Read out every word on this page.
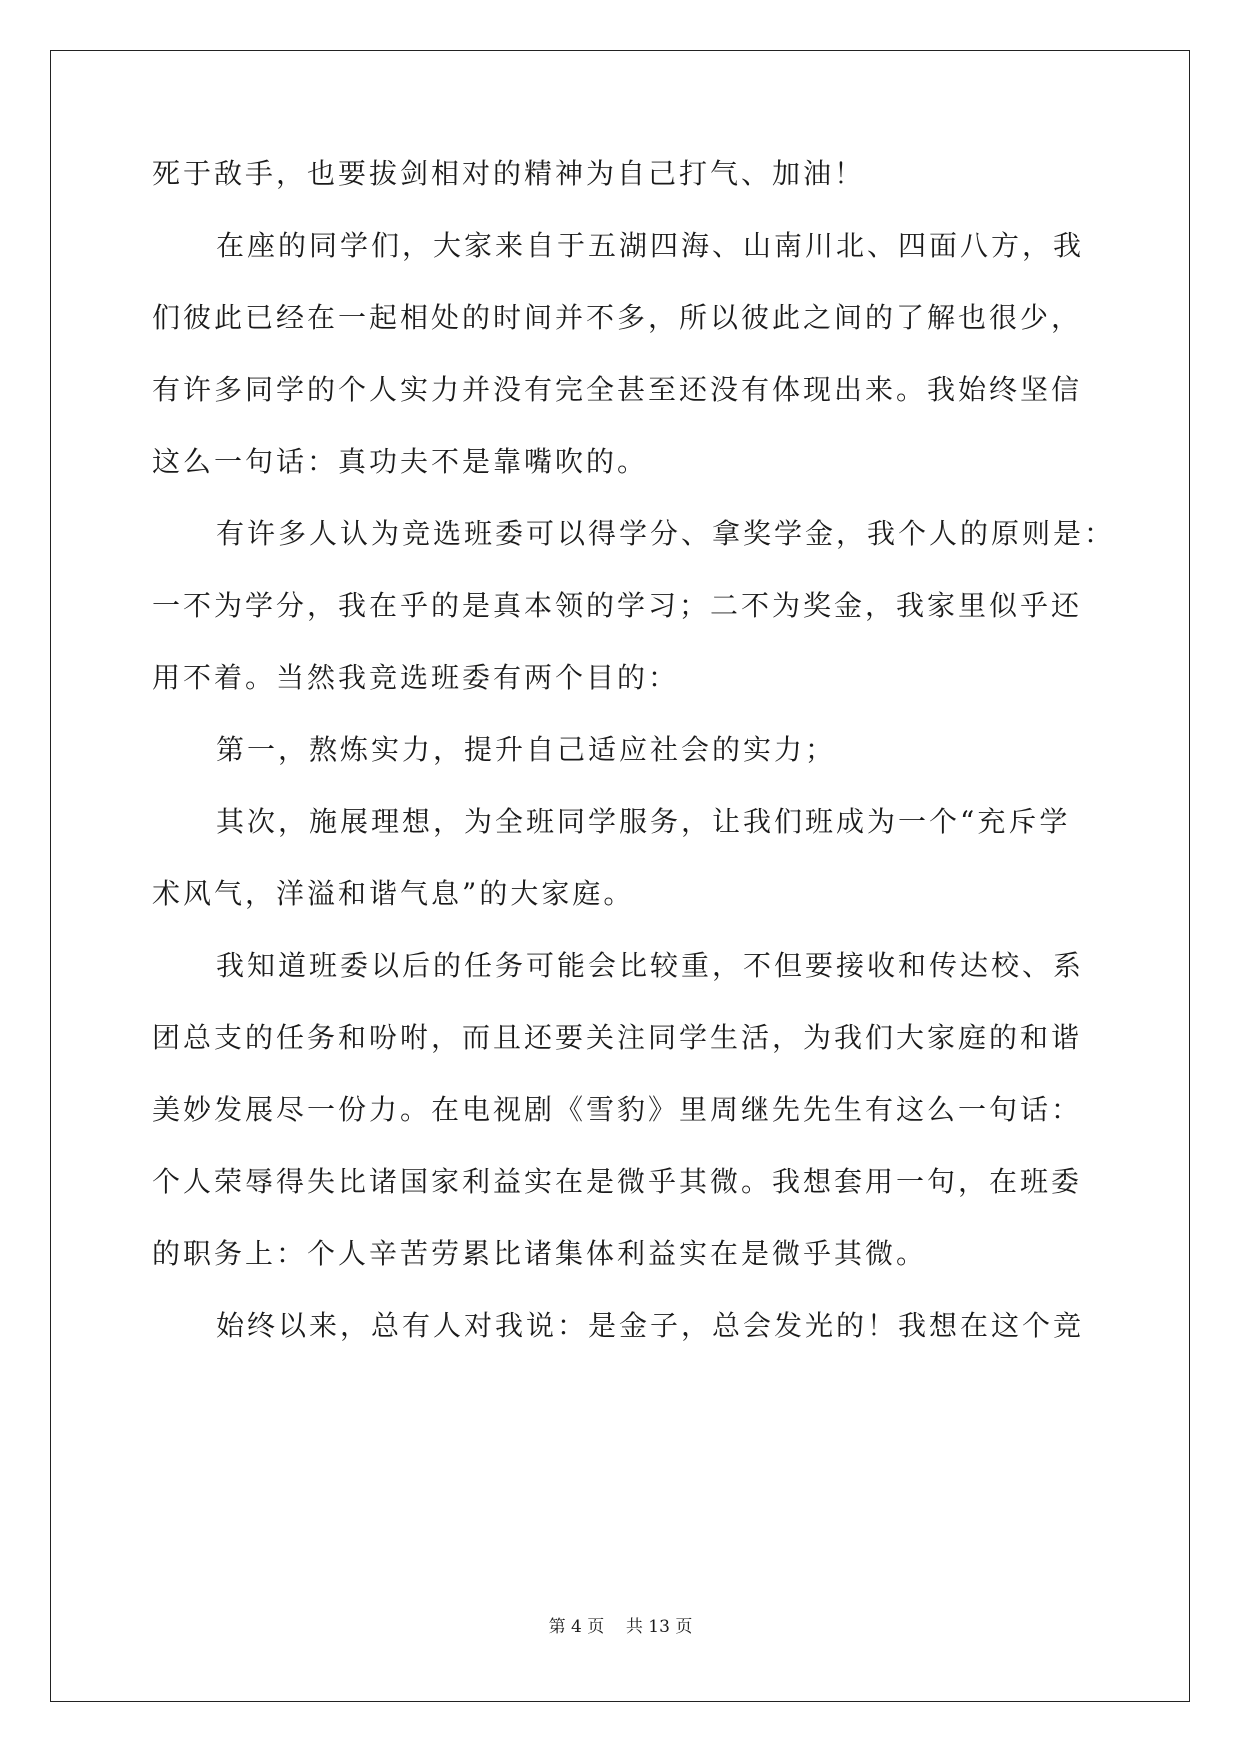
死于敌手，也要拔剑相对的精神为自己打气、加油！
在座的同学们，大家来自于五湖四海、山南川北、四面八方，我
们彼此已经在一起相处的时间并不多，所以彼此之间的了解也很少，
有许多同学的个人实力并没有完全甚至还没有体现出来。我始终坚信
这么一句话：真功夫不是靠嘴吹的。
有许多人认为竞选班委可以得学分、拿奖学金，我个人的原则是：
一不为学分，我在乎的是真本领的学习；二不为奖金，我家里似乎还
用不着。当然我竞选班委有两个目的：
第一，熬炼实力，提升自己适应社会的实力；
其次，施展理想，为全班同学服务，让我们班成为一个“充斥学
术风气，洋溢和谐气息”的大家庭。
我知道班委以后的任务可能会比较重，不但要接收和传达校、系
团总支的任务和吩咐，而且还要关注同学生活，为我们大家庭的和谐
美妙发展尽一份力。在电视剧《雪豹》里周继先先生有这么一句话：
个人荣辱得失比诸国家利益实在是微乎其微。我想套用一句，在班委
的职务上：个人辛苦劳累比诸集体利益实在是微乎其微。
始终以来，总有人对我说：是金子，总会发光的！我想在这个竞
第 4 页    共 13 页
